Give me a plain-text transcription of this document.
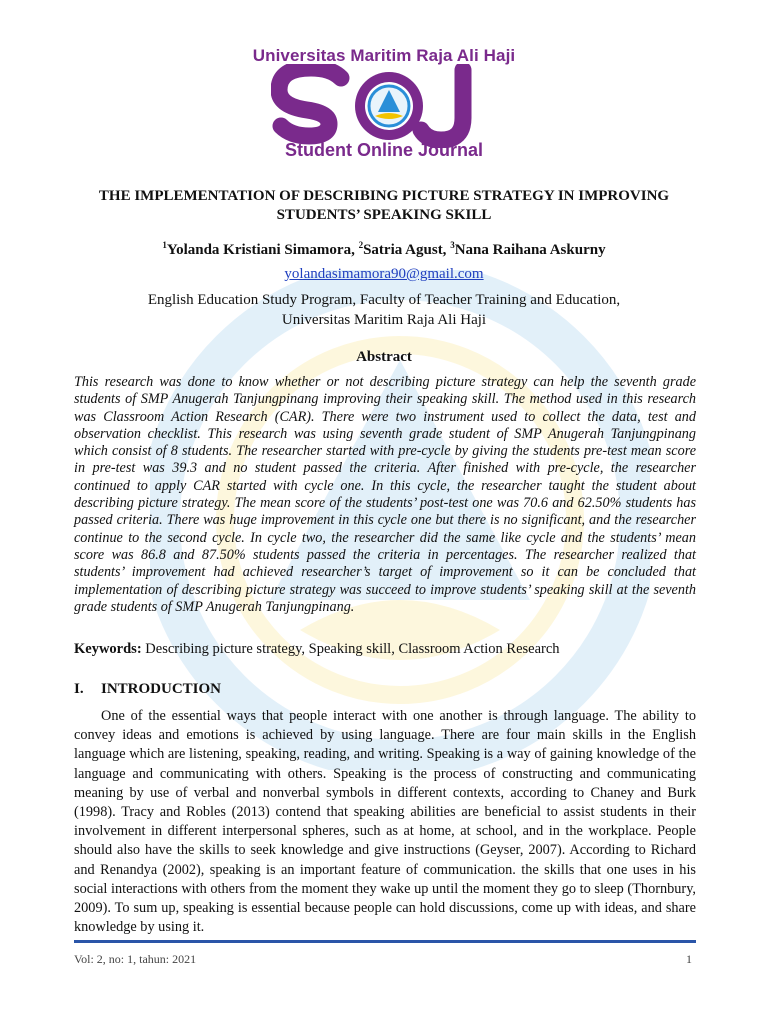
Universitas Maritim Raja Ali Haji
Student Online Journal
THE IMPLEMENTATION OF DESCRIBING PICTURE STRATEGY IN IMPROVING STUDENTS’ SPEAKING SKILL

$^1$Yolanda Kristiani Simamora, $^2$Satria Agust, $^3$Nana Raihana Askurny

yolandasimamora90@gmail.com
English Education Study Program, Faculty of Teacher Training and Education,
Universitas Maritim Raja Ali Haji
Abstract

This research was done to know whether or not describing picture strategy can help the seventh grade students of SMP Anugerah Tanjungpinang improving their speaking skill. The method used in this research was Classroom Action Research (CAR). There were two instrument used to collect the data, test and observation checklist. This research was using seventh grade student of SMP Anugerah Tanjungpinang which consist of 8 students. The researcher started with pre-cycle by giving the students pre-test mean score in pre-test was 39.3 and no student passed the criteria. After finished with pre-cycle, the researcher continued to apply CAR started with cycle one. In this cycle, the researcher taught the student about describing picture strategy. The mean score of the students’ post-test one was 70.6 and 62.50% students has passed criteria. There was huge improvement in this cycle one but there is no significant, and the researcher continue to the second cycle. In cycle two, the researcher did the same like cycle and the students’ mean score was 86.8 and 87.50% students passed the criteria in percentages. The researcher realized that students’ improvement had achieved researcher’s target of improvement so it can be concluded that implementation of describing picture strategy was succeed to improve students’ speaking skill at the seventh grade students of SMP Anugerah Tanjungpinang.

Keywords: Describing picture strategy, Speaking skill, Classroom Action Research

I. INTRODUCTION

One of the essential ways that people interact with one another is through language. The ability to convey ideas and emotions is achieved by using language. There are four main skills in the English language which are listening, speaking, reading, and writing. Speaking is a way of gaining knowledge of the language and communicating with others. Speaking is the process of constructing and communicating meaning by use of verbal and nonverbal symbols in different contexts, according to Chaney and Burk (1998). Tracy and Robles (2013) contend that speaking abilities are beneficial to assist students in their involvement in different interpersonal spheres, such as at home, at school, and in the workplace. People should also have the skills to seek knowledge and give instructions (Geyser, 2007). According to Richard and Renandya (2002), speaking is an important feature of communication. the skills that one uses in his social interactions with others from the moment they wake up until the moment they go to sleep (Thornbury, 2009). To sum up, speaking is essential because people can hold discussions, come up with ideas, and share knowledge by using it.

Vol: 2, no: 1, tahun: 2021	1
